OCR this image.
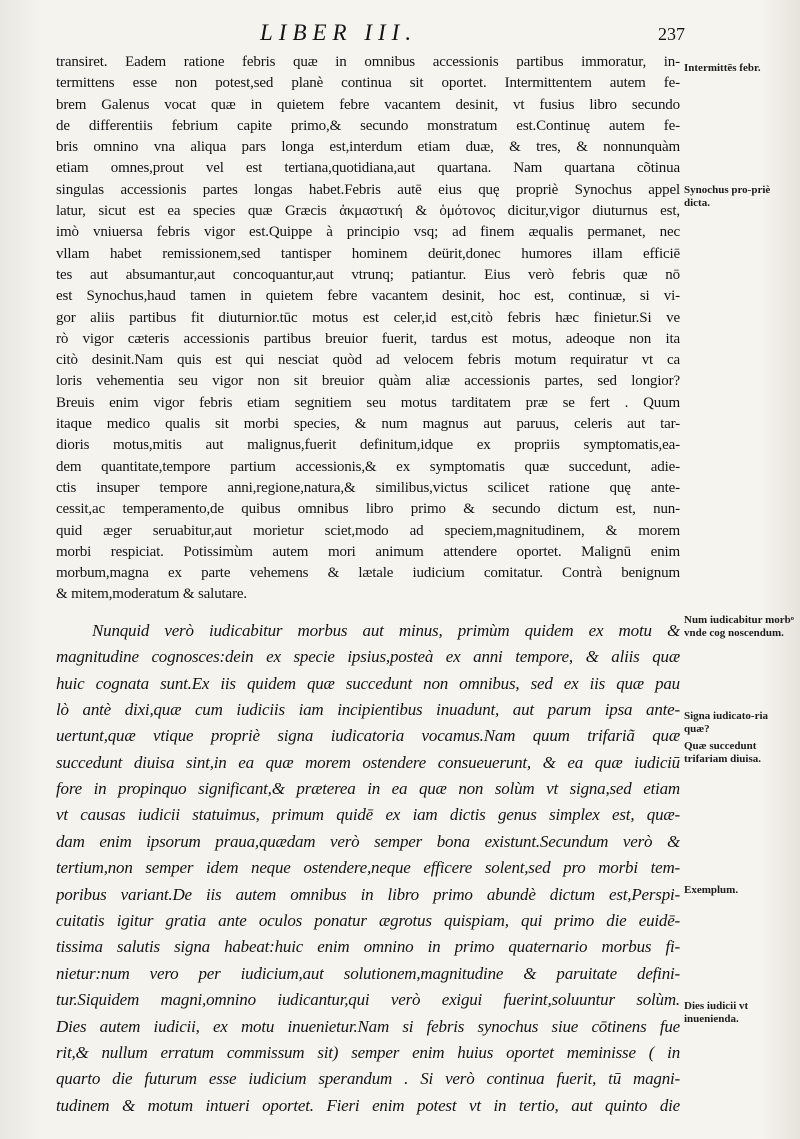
LIBER III.	237
transiret. Eadem ratione febris quæ in omnibus accessionis partibus immoratur, in-
termittens esse non potest,sed planè continua sit oportet. Intermittentem autem fe-
brem Galenus vocat quæ in quietem febre vacantem desinit, vt fusius libro secundo
de differentiis febrium capite primo,& secundo monstratum est.Continuę autem fe-
bris omnino vna aliqua pars longa est,interdum etiam duæ, & tres, & nonnunquàm
etiam omnes,prout vel est tertiana,quotidiana,aut quartana. Nam quartana cõtinua
singulas accessionis partes longas habet.Febris autē eius quę propriè Synochus appel
latur, sicut est ea species quæ Græcis ἀκμαστική & ὁμότονος dicitur,vigor diuturnus est,
imò vniuersa febris vigor est.Quippe à principio vsq; ad finem æqualis permanet, nec
vllam habet remissionem,sed tantisper hominem deürit,donec humores illam efficiē
tes aut absumantur,aut concoquantur,aut vtrunq; patiantur. Eius verò febris quæ nō
est Synochus,haud tamen in quietem febre vacantem desinit, hoc est, continuæ, si vi-
gor aliis partibus fit diuturnior.tūc motus est celer,id est,citò febris hæc finietur.Si ve
rò vigor cæteris accessionis partibus breuior fuerit, tardus est motus, adeoque non ita
citò desinit.Nam quis est qui nesciat quòd ad velocem febris motum requiratur vt ca
loris vehementia seu vigor non sit breuior quàm aliæ accessionis partes, sed longior?
Breuis enim vigor febris etiam segnitiem seu motus tarditatem præ se fert . Quum
itaque medico qualis sit morbi species, & num magnus aut paruus, celeris aut tar-
dioris motus,mitis aut malignus,fuerit definitum,idque ex propriis symptomatis,ea-
dem quantitate,tempore partium accessionis,& ex symptomatis quæ succedunt, adie-
ctis insuper tempore anni,regione,natura,& similibus,victus scilicet ratione quę ante-
cessit,ac temperamento,de quibus omnibus libro primo & secundo dictum est, nun-
quid æger seruabitur,aut morietur sciet,modo ad speciem,magnitudinem, & morem
morbi respiciat. Potissimùm autem mori animum attendere oportet. Malignū enim
morbum,magna ex parte vehemens & lætale iudicium comitatur. Contrà benignum
& mitem,moderatum & salutare.
Nunquid verò iudicabitur morbus aut minus, primùm quidem ex motu &
magnitudine cognosces:dein ex specie ipsius,posteà ex anni tempore, & aliis quæ
huic cognata sunt.Ex iis quidem quæ succedunt non omnibus, sed ex iis quæ pau
lò antè dixi,quæ cum iudiciis iam incipientibus inuadunt, aut parum ipsa ante-
uertunt,quæ vtique propriè signa iudicatoria vocamus.Nam quum trifariã quæ
succedunt diuisa sint,in ea quæ morem ostendere consueuerunt, & ea quæ iudiciū
fore in propinquo significant,& præterea in ea quæ non solùm vt signa,sed etiam
vt causas iudicii statuimus, primum quidē ex iam dictis genus simplex est, quæ-
dam enim ipsorum praua,quædam verò semper bona existunt.Secundum verò &
tertium,non semper idem neque ostendere,neque efficere solent,sed pro morbi tem-
poribus variant.De iis autem omnibus in libro primo abundè dictum est,Perspi-
cuitatis igitur gratia ante oculos ponatur ægrotus quispiam, qui primo die euidē-
tissima salutis signa habeat:huic enim omnino in primo quaternario morbus fi-
nietur:num vero per iudicium,aut solutionem,magnitudine & paruitate defini-
tur.Siquidem magni,omnino iudicantur,qui verò exigui fuerint,soluuntur solùm.
Dies autem iudicii, ex motu inuenietur.Nam si febris synochus siue cōtinens fue
rit,& nullum erratum commissum sit) semper enim huius oportet meminisse ( in
quarto die futurum esse iudicium sperandum . Si verò continua fuerit, tū magni-
tudinem & motum intueri oportet. Fieri enim potest vt in tertio, aut quinto die
Intermittēs febr.
Synochus pro-priè dicta.
Num iudicabitur morbᵒ vnde cog noscendum.
Signa iudicato-ria quæ?
Quæ succedunt trifariam diuisa.
Exemplum.
Dies iudicii vt inuenienda.
